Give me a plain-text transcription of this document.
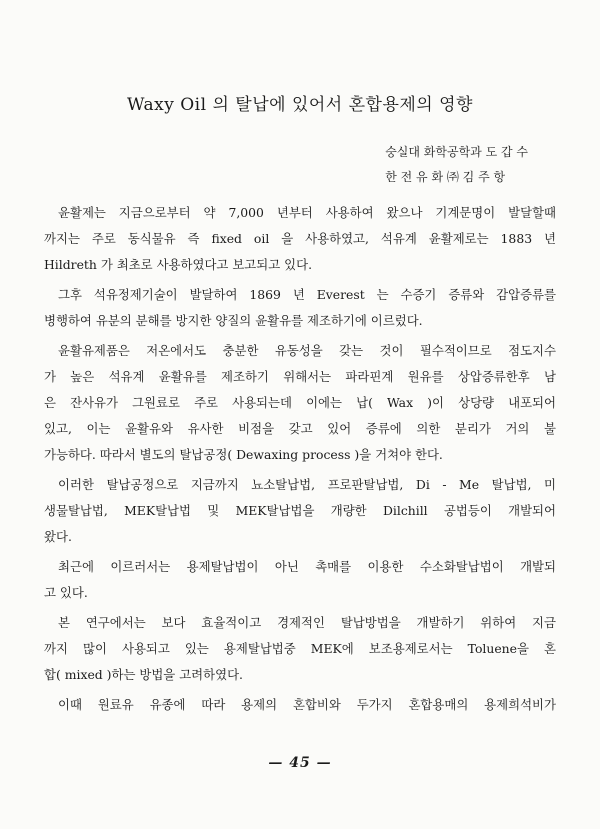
Waxy Oil 의 탈납에 있어서 혼합용제의 영향
숭실대 화학공학과 도 갑 수
한 전 유 화 ㈜ 김 주 항
윤활제는 지금으로부터 약 7,000 년부터 사용하여 왔으나 기계문명이 발달할때
까지는 주로 동식물유 즉 fixed oil 을 사용하였고, 석유계 윤활제로는 1883 년
Hildreth 가 최초로 사용하였다고 보고되고 있다.
그후 석유정제기술이 발달하여 1869 년 Everest 는 수증기 증류와 감압증류를
병행하여 유분의 분해를 방지한 양질의 윤활유를 제조하기에 이르렀다.
윤활유제품은 저온에서도 충분한 유동성을 갖는 것이 필수적이므로 점도지수
가 높은 석유계 윤활유를 제조하기 위해서는 파라핀계 원유를 상압증류한후 남
은 잔사유가 그원료로 주로 사용되는데 이에는 납( Wax )이 상당량 내포되어
있고, 이는 윤활유와 유사한 비점을 갖고 있어 증류에 의한 분리가 거의 불
가능하다. 따라서 별도의 탈납공정( Dewaxing process )을 거쳐야 한다.
이러한 탈납공정으로 지금까지 뇨소탈납법, 프로판탈납법, Di - Me 탈납법, 미
생물탈납법, MEK탈납법 및 MEK탈납법을 개량한 Dilchill 공법등이 개발되어
왔다.
최근에 이르러서는 용제탈납법이 아닌 촉매를 이용한 수소화탈납법이 개발되
고 있다.
본 연구에서는 보다 효율적이고 경제적인 탈납방법을 개발하기 위하여 지금
까지 많이 사용되고 있는 용제탈납법중 MEK에 보조용제로서는 Toluene을 혼
합( mixed )하는 방법을 고려하였다.
이때 원료유 유종에 따라 용제의 혼합비와 두가지 혼합용매의 용제희석비가
— 45 —
